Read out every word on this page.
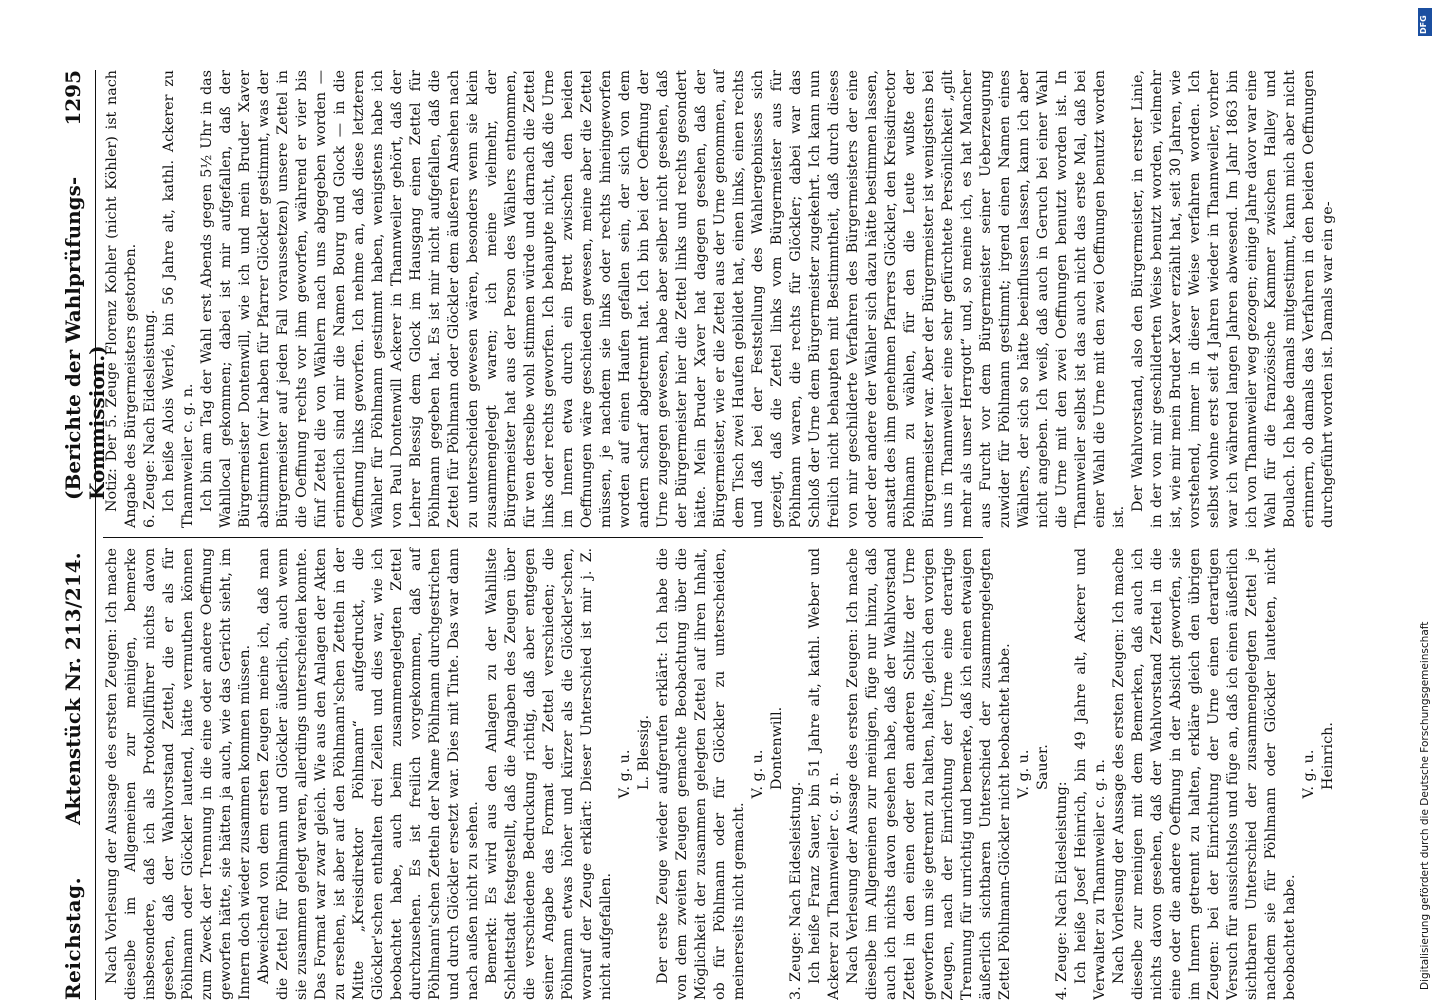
Reichstag.
Aktenstück Nr. 213/214.
(Berichte der Wahlprüfungs-Kommission.)
1295

Nach Vorlesung der Aussage des ersten Zeugen: Ich mache dieselbe im Allgemeinen zur meinigen, bemerke insbesondere, daß ich als Protokollführer nichts davon gesehen, daß der Wahlvorstand Zettel, die er als für Pöhlmann oder Glöckler lautend, hätte vermuthen können zum Zweck der Trennung in die eine oder andere Oeffnung geworfen hätte, sie hätten ja auch, wie das Gericht sieht, im Innern doch wieder zusammen kommen müssen. Abweichend von dem ersten Zeugen meine ich, daß man die Zettel für Pöhlmann und Glöckler äußerlich, auch wenn sie zusammen gelegt waren, allerdings unterscheiden konnte. Das Format war zwar gleich. Wie aus den Anlagen der Akten zu ersehen, ist aber auf den Pöhlmann'schen Zetteln in der Mitte „Kreisdirektor Pöhlmann“ aufgedruckt, die Glöckler'schen enthalten drei Zeilen und dies war, wie ich beobachtet habe, auch beim zusammengelegten Zettel durchzusehen. Es ist freilich vorgekommen, daß auf Pöhlmann'schen Zetteln der Name Pöhlmann durchgestrichen und durch Glöckler ersetzt war. Dies mit Tinte. Das war dann nach außen nicht zu sehen. Bemerkt: Es wird aus den Anlagen zu der Wahlliste Schlettstadt festgestellt, daß die Angaben des Zeugen über die verschiedene Bedruckung richtig, daß aber entgegen seiner Angabe das Format der Zettel verschieden; die Pöhlmann etwas höher und kürzer als die Glöckler'schen, worauf der Zeuge erklärt: Dieser Unterschied ist mir j. Z. nicht aufgefallen.

V. g. u. L. Blessig. Der erste Zeuge wieder aufgerufen erklärt: Ich habe die von dem zweiten Zeugen gemachte Beobachtung über die Möglichkeit der zusammen gelegten Zettel auf ihren Inhalt, ob für Pöhlmann oder für Glöckler zu unterscheiden, meinerseits nicht gemacht.

V. g. u. Dontenwill.

3. Zeuge: Nach Eidesleistung. Ich heiße Franz Sauer, bin 51 Jahre alt, kathl. Weber und Ackerer zu Thannweiler c. g. n. Nach Verlesung der Aussage des ersten Zeugen: Ich mache dieselbe im Allgemeinen zur meinigen, füge nur hinzu, daß auch ich nichts davon gesehen habe, daß der Wahlvorstand Zettel in den einen oder den anderen Schlitz der Urne geworfen um sie getrennt zu halten, halte, gleich den vorigen Zeugen, nach der Einrichtung der Urne eine derartige Trennung für unrichtig und bemerke, daß ich einen etwaigen äußerlich sichtbaren Unterschied der zusammengelegten Zettel Pöhlmann-Glöckler nicht beobachtet habe. V. g. u. Sauer.

4. Zeuge: Nach Eidesleistung: Ich heiße Josef Heinrich, bin 49 Jahre alt, Ackerer und Verwalter zu Thannweiler c. g. n. Nach Vorlesung der Aussage des ersten Zeugen: Ich mache dieselbe zur meinigen mit dem Bemerken, daß auch ich nichts davon gesehen, daß der Wahlvorstand Zettel in die eine oder die andere Oeffnung in der Absicht geworfen, sie im Innern getrennt zu halten, erkläre gleich den übrigen Zeugen: bei der Einrichtung der Urne einen derartigen Versuch für aussichtslos und füge an, daß ich einen äußerlich sichtbaren Unterschied der zusammengelegten Zettel je nachdem sie für Pöhlmann oder Glöckler lauteten, nicht beobachtet habe.

V. g. u. Heinrich.

Notiz: Der 5. Zeuge Florenz Kohler (nicht Köhler) ist nach Angabe des Bürgermeisters gestorben. 6. Zeuge: Nach Eidesleistung. Ich heiße Alois Werlé, bin 56 Jahre alt, kathl. Ackerer zu Thannweiler c. g. n. Ich bin am Tag der Wahl erst Abends gegen 5½ Uhr in das Wahllocal gekommen; dabei ist mir aufgefallen, daß der Bürgermeister Dontenwill, wie ich und mein Bruder Xaver abstimmten (wir haben für Pfarrer Glöckler gestimmt, was der Bürgermeister auf jeden Fall voraussetzen) unsere Zettel in die Oeffnung rechts vor ihm geworfen, während er vier bis fünf Zettel die von Wählern nach uns abgegeben worden — erinnerlich sind mir die Namen Bourg und Glock — in die Oeffnung links geworfen. Ich nehme an, daß diese letzteren Wähler für Pöhlmann gestimmt haben, wenigstens habe ich von Paul Dontenwill Ackerer in Thannweiler gehört, daß der Lehrer Blessig dem Glock im Hausgang einen Zettel für Pöhlmann gegeben hat. Es ist mir nicht aufgefallen, daß die Zettel für Pöhlmann oder Glöckler dem äußeren Ansehen nach zu unterscheiden gewesen wären, besonders wenn sie klein zusammengelegt waren; ich meine vielmehr, der Bürgermeister hat aus der Person des Wählers entnommen, für wen derselbe wohl stimmen würde und darnach die Zettel links oder rechts geworfen. Ich behaupte nicht, daß die Urne im Innern etwa durch ein Brett zwischen den beiden Oeffnungen wäre geschieden gewesen, meine aber die Zettel müssen, je nachdem sie links oder rechts hineingeworfen worden auf einen Haufen gefallen sein, der sich von dem andern scharf abgetrennt hat. Ich bin bei der Oeffnung der Urne zugegen gewesen, habe aber selber nicht gesehen, daß der Bürgermeister hier die Zettel links und rechts gesondert hätte. Mein Bruder Xaver hat dagegen gesehen, daß der Bürgermeister, wie er die Zettel aus der Urne genommen, auf dem Tisch zwei Haufen gebildet hat, einen links, einen rechts und daß bei der Feststellung des Wahlergebnisses sich gezeigt, daß die Zettel links vom Bürgermeister aus für Pöhlmann waren, die rechts für Glöckler; dabei war das Schloß der Urne dem Bürgermeister zugekehrt. Ich kann nun freilich nicht behaupten mit Bestimmtheit, daß durch dieses von mir geschilderte Verfahren des Bürgermeisters der eine oder der andere der Wähler sich dazu hätte bestimmen lassen, anstatt des ihm genehmen Pfarrers Glöckler, den Kreisdirector Pöhlmann zu wählen, für den die Leute wußte der Bürgermeister war. Aber der Bürgermeister ist wenigstens bei uns in Thannweiler eine sehr gefürchtete Persönlichkeit „gilt mehr als unser Herrgott“ und, so meine ich, es hat Mancher aus Furcht vor dem Bürgermeister seiner Ueberzeugung zuwider für Pöhlmann gestimmt; irgend einen Namen eines Wählers, der sich so hätte beeinflussen lassen, kann ich aber nicht angeben. Ich weiß, daß auch in Geruch bei einer Wahl die Urne mit den zwei Oeffnungen benutzt worden ist. In Thannweiler selbst ist das auch nicht das erste Mal, daß bei einer Wahl die Urne mit den zwei Oeffnungen benutzt worden ist.

Der Wahlvorstand, also den Bürgermeister, in erster Linie, in der von mir geschilderten Weise benutzt worden, vielmehr ist, wie mir mein Bruder Xaver erzählt hat, seit 30 Jahren, wie vorstehend, immer in dieser Weise verfahren worden. Ich selbst wohne erst seit 4 Jahren wieder in Thannweiler, vorher war ich während langen Jahren abwesend. Im Jahr 1863 bin ich von Thannweiler weg gezogen; einige Jahre davor war eine Wahl für die französische Kammer zwischen Halley und Boulach. Ich habe damals mitgestimmt, kann mich aber nicht erinnern, ob damals das Verfahren in den beiden Oeffnungen durchgeführt worden ist. Damals war ein ge-

DFG
Digitalisierung gefördert durch die Deutsche Forschungsgemeinschaft
